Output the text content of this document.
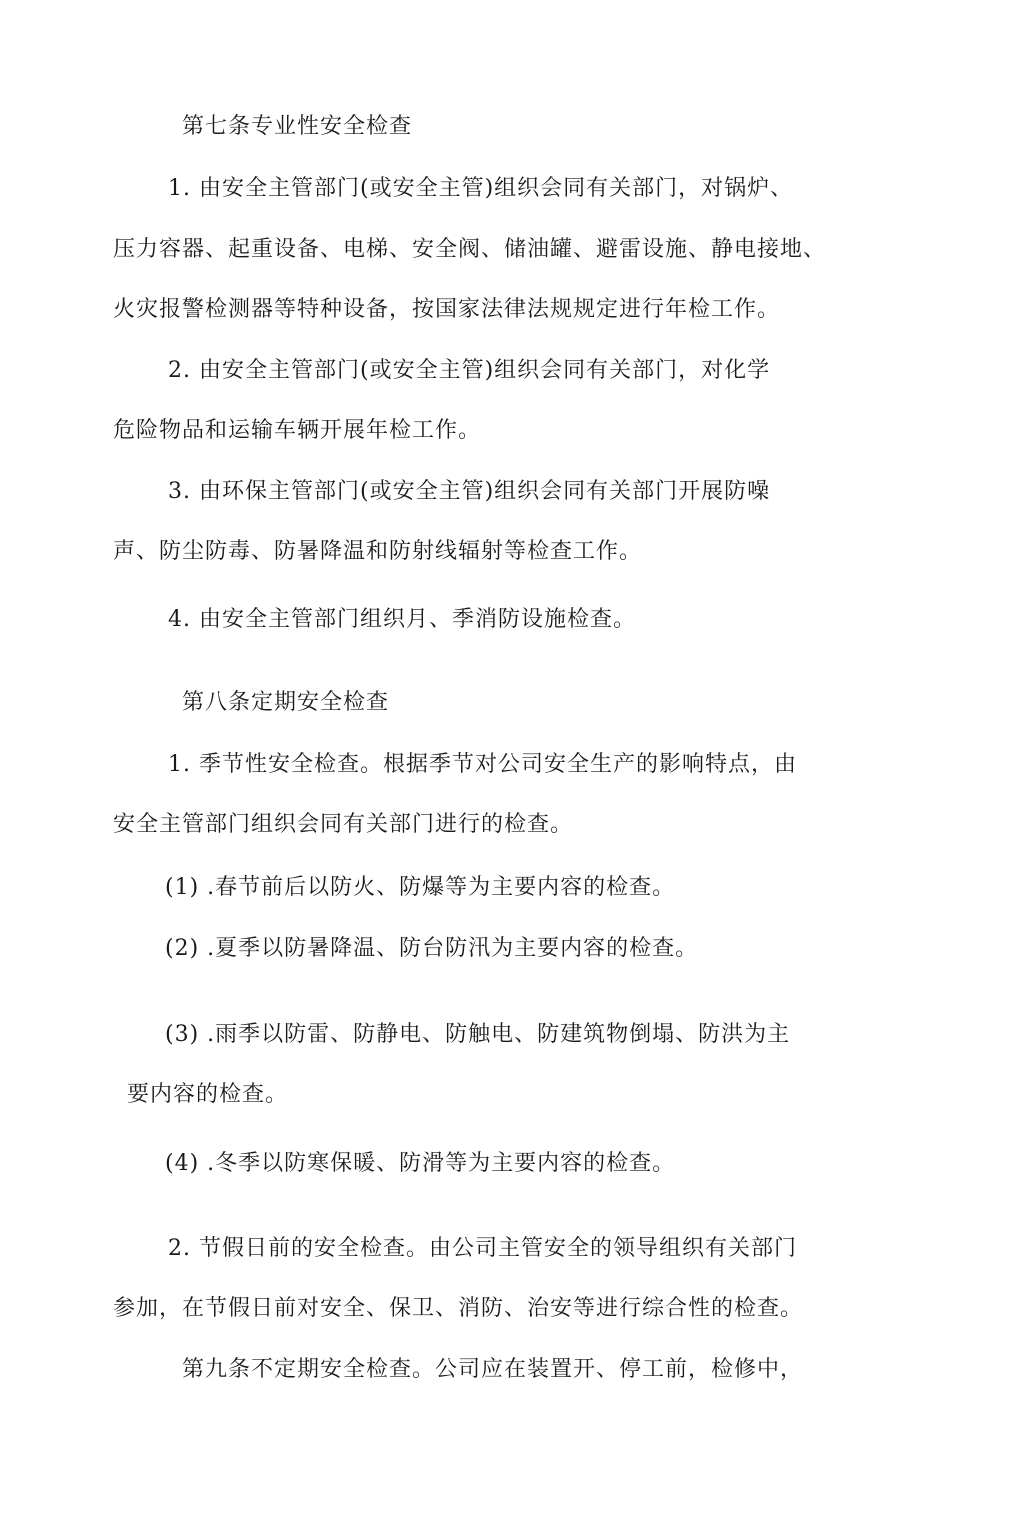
第七条专业性安全检查
1. 由安全主管部门(或安全主管)组织会同有关部门，对锅炉、
压力容器、起重设备、电梯、安全阀、储油罐、避雷设施、静电接地、
火灾报警检测器等特种设备，按国家法律法规规定进行年检工作。
2. 由安全主管部门(或安全主管)组织会同有关部门，对化学
危险物品和运输车辆开展年检工作。
3. 由环保主管部门(或安全主管)组织会同有关部门开展防噪
声、防尘防毒、防暑降温和防射线辐射等检查工作。
4. 由安全主管部门组织月、季消防设施检查。
第八条定期安全检查
1. 季节性安全检查。根据季节对公司安全生产的影响特点，由
安全主管部门组织会同有关部门进行的检查。
(1) .春节前后以防火、防爆等为主要内容的检查。
(2) .夏季以防暑降温、防台防汛为主要内容的检查。
(3) .雨季以防雷、防静电、防触电、防建筑物倒塌、防洪为主
要内容的检查。
(4) .冬季以防寒保暖、防滑等为主要内容的检查。
2. 节假日前的安全检查。由公司主管安全的领导组织有关部门
参加，在节假日前对安全、保卫、消防、治安等进行综合性的检查。
第九条不定期安全检查。公司应在装置开、停工前，检修中，
